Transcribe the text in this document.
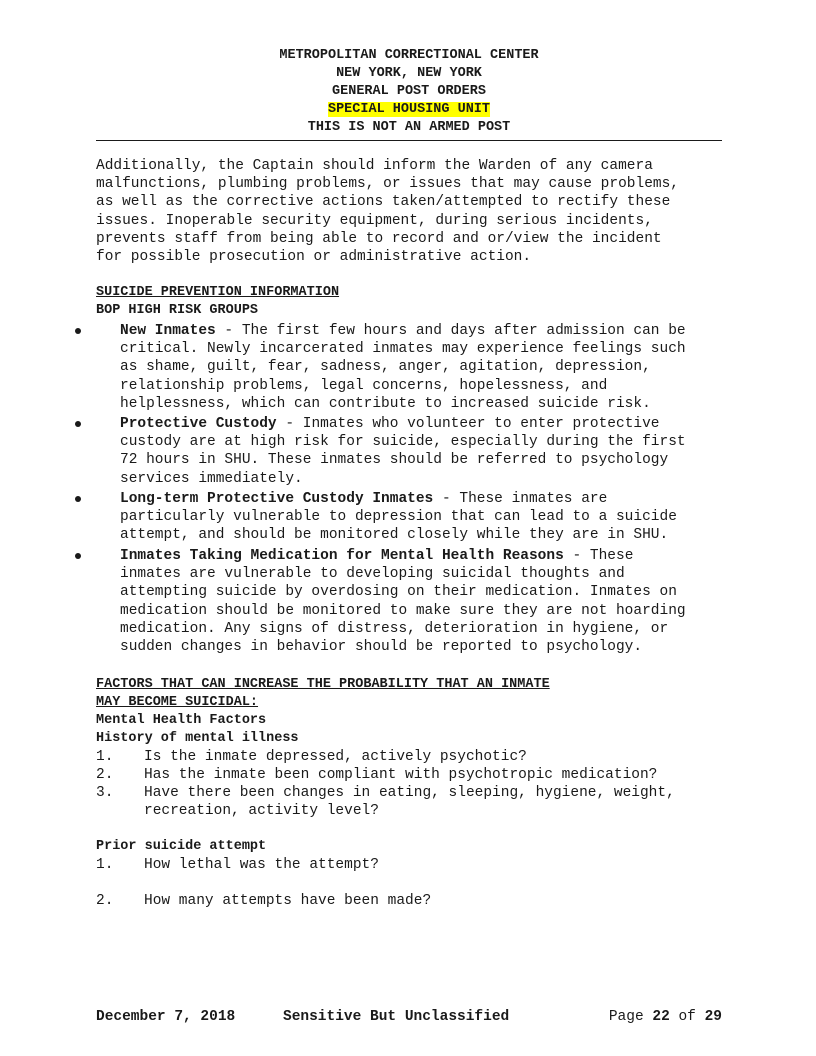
METROPOLITAN CORRECTIONAL CENTER
NEW YORK, NEW YORK
GENERAL POST ORDERS
SPECIAL HOUSING UNIT
THIS IS NOT AN ARMED POST
Additionally, the Captain should inform the Warden of any camera
malfunctions, plumbing problems, or issues that may cause problems,
as well as the corrective actions taken/attempted to rectify these
issues. Inoperable security equipment, during serious incidents,
prevents staff from being able to record and or/view the incident
for possible prosecution or administrative action.
SUICIDE PREVENTION INFORMATION
BOP HIGH RISK GROUPS
New Inmates - The first few hours and days after admission can be
critical. Newly incarcerated inmates may experience feelings such
as shame, guilt, fear, sadness, anger, agitation, depression,
relationship problems, legal concerns, hopelessness, and
helplessness, which can contribute to increased suicide risk.
Protective Custody - Inmates who volunteer to enter protective
custody are at high risk for suicide, especially during the first
72 hours in SHU. These inmates should be referred to psychology
services immediately.
Long-term Protective Custody Inmates - These inmates are
particularly vulnerable to depression that can lead to a suicide
attempt, and should be monitored closely while they are in SHU.
Inmates Taking Medication for Mental Health Reasons - These
inmates are vulnerable to developing suicidal thoughts and
attempting suicide by overdosing on their medication. Inmates on
medication should be monitored to make sure they are not hoarding
medication. Any signs of distress, deterioration in hygiene, or
sudden changes in behavior should be reported to psychology.
FACTORS THAT CAN INCREASE THE PROBABILITY THAT AN INMATE
MAY BECOME SUICIDAL:
Mental Health Factors
History of mental illness
1.	Is the inmate depressed, actively psychotic?
2.	Has the inmate been compliant with psychotropic medication?
3.	Have there been changes in eating, sleeping, hygiene, weight,
recreation, activity level?
Prior suicide attempt
1.	How lethal was the attempt?
2.	How many attempts have been made?
December 7, 2018	Sensitive But Unclassified	Page 22 of 29
